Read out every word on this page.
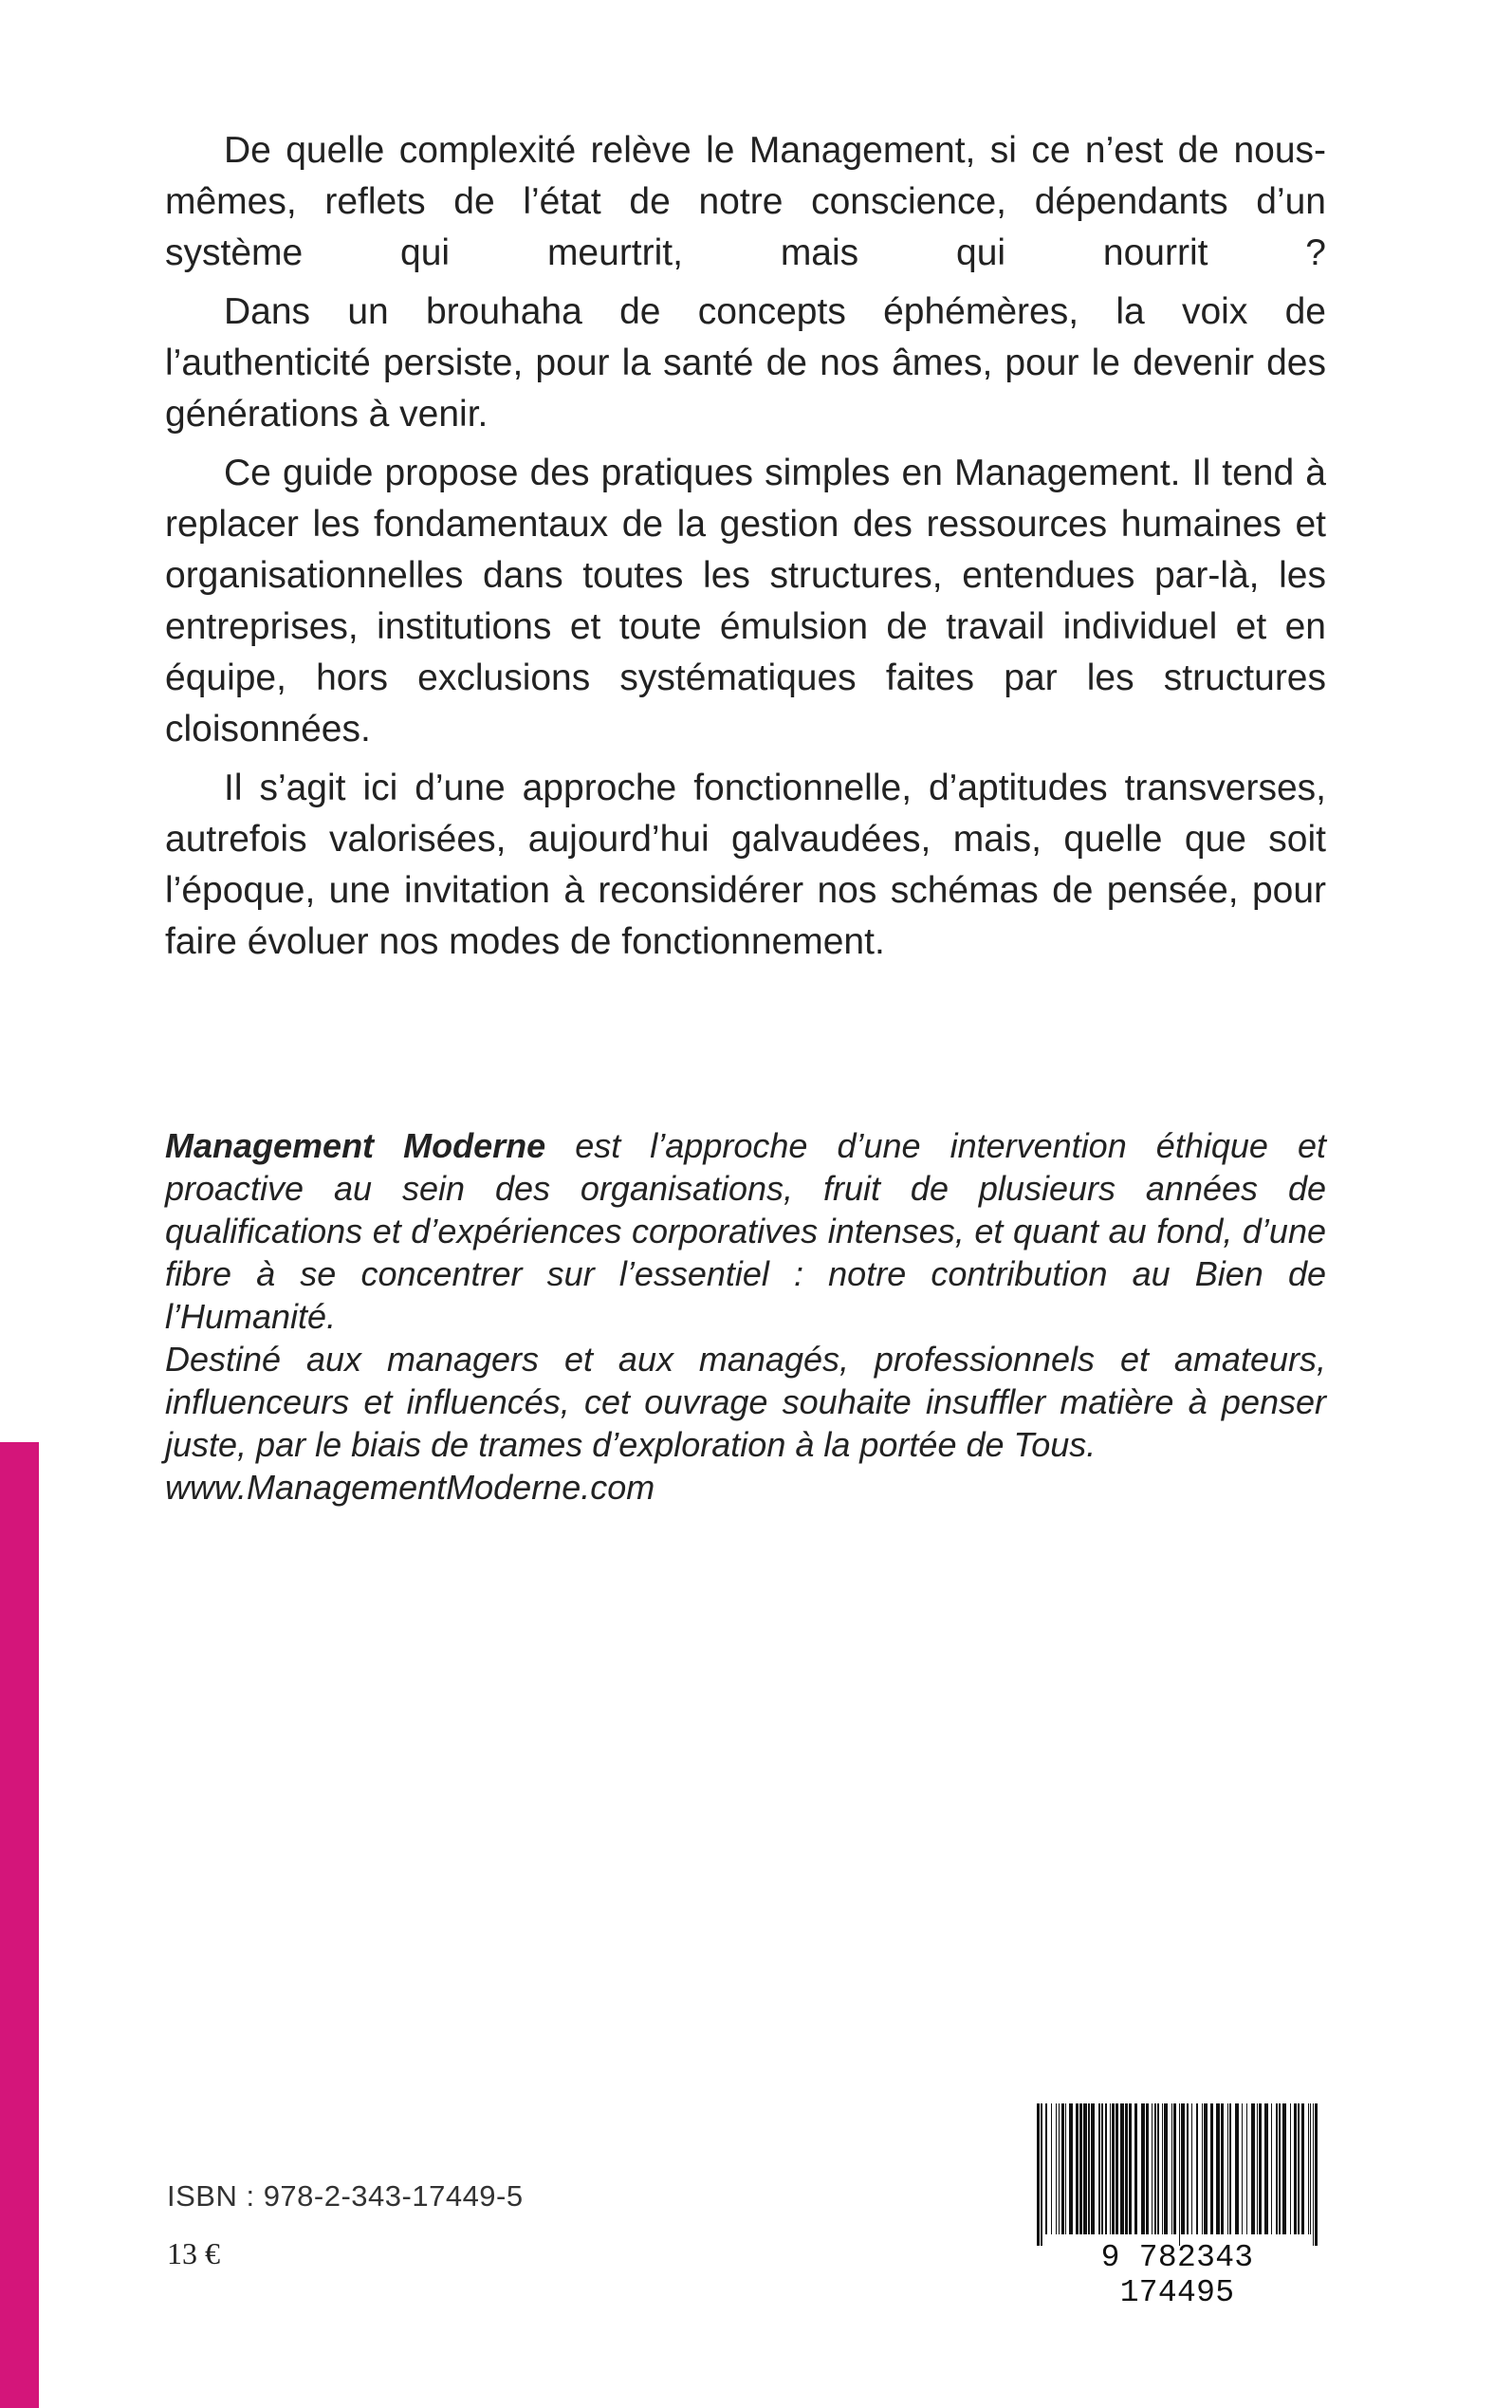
De quelle complexité relève le Management, si ce n’est de nous-mêmes, reflets de l’état de notre conscience, dépendants d’un système qui meurtrit, mais qui nourrit ?

Dans un brouhaha de concepts éphémères, la voix de l’authenticité persiste, pour la santé de nos âmes, pour le devenir des générations à venir.

Ce guide propose des pratiques simples en Management. Il tend à replacer les fondamentaux de la gestion des ressources humaines et organisationnelles dans toutes les structures, entendues par-là, les entreprises, institutions et toute émulsion de travail individuel et en équipe, hors exclusions systématiques faites par les structures cloisonnées.

Il s’agit ici d’une approche fonctionnelle, d’aptitudes transverses, autrefois valorisées, aujourd’hui galvaudées, mais, quelle que soit l’époque, une invitation à reconsidérer nos schémas de pensée, pour faire évoluer nos modes de fonctionnement.

Management Moderne est l’approche d’une intervention éthique et proactive au sein des organisations, fruit de plusieurs années de qualifications et d’expériences corporatives intenses, et quant au fond, d’une fibre à se concentrer sur l’essentiel : notre contribution au Bien de l’Humanité.

Destiné aux managers et aux managés, professionnels et amateurs, influenceurs et influencés, cet ouvrage souhaite insuffler matière à penser juste, par le biais de trames d’exploration à la portée de Tous.

www.ManagementModerne.com

ISBN : 978-2-343-17449-5
13 €	9 782343 174495
